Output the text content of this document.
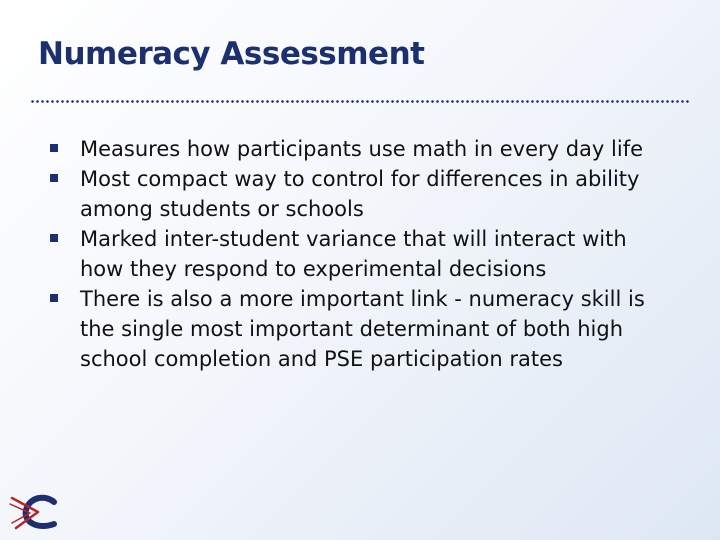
Numeracy Assessment
Measures how participants use math in every day life
Most compact way to control for differences in ability among students or schools
Marked inter-student variance that will interact with how they respond to experimental decisions
There is also a more important link - numeracy skill is the single most important determinant of both high school completion and PSE participation rates
